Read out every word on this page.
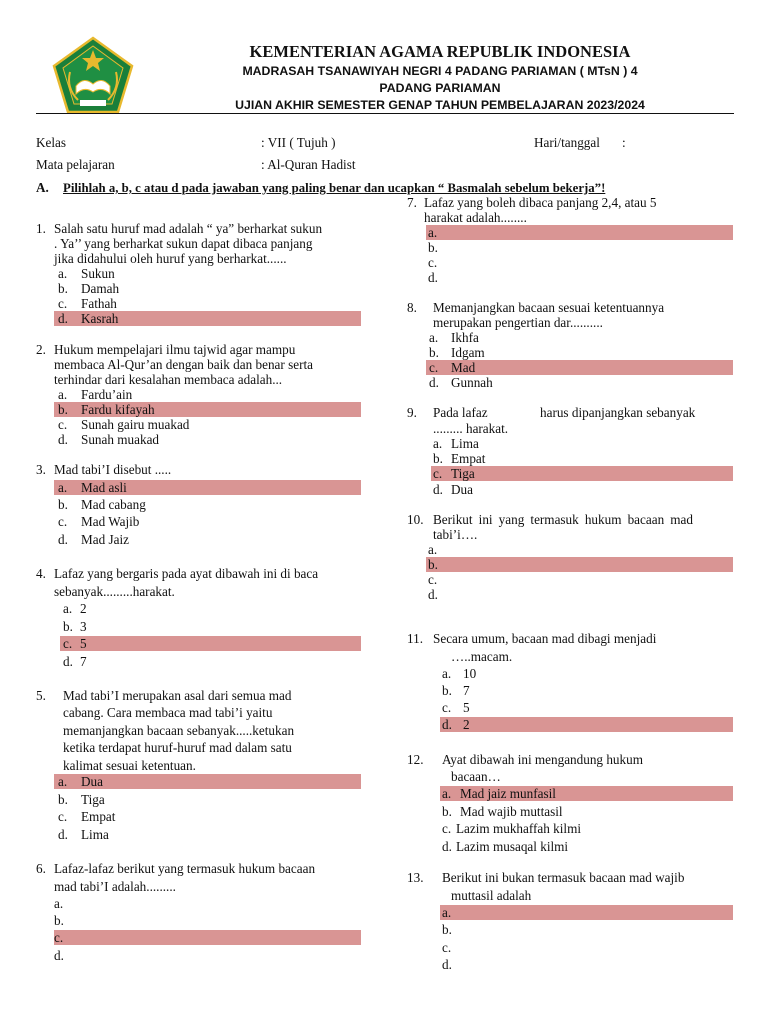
KEMENTERIAN AGAMA REPUBLIK INDONESIA
MADRASAH TSANAWIYAH NEGRI 4 PADANG PARIAMAN ( MTsN ) 4
PADANG PARIAMAN
UJIAN AKHIR SEMESTER GENAP TAHUN PEMBELAJARAN 2023/2024
Kelas	: VII ( Tujuh )	Hari/tanggal :
Mata pelajaran	: Al-Quran Hadist
A. Pilihlah a, b, c atau d pada jawaban yang paling benar dan ucapkan “ Basmalah sebelum bekerja”!
1. Salah satu huruf mad adalah “ ya” berharkat sukun
. Ya’’ yang berharkat sukun dapat dibaca panjang
jika didahului oleh huruf yang berharkat......
a. Sukun
b. Damah
c. Fathah
d. Kasrah
2. Hukum mempelajari ilmu tajwid agar mampu
membaca Al-Qur’an dengan baik dan benar serta
terhindar dari kesalahan membaca adalah...
a. Fardu’ain
b. Fardu kifayah
c. Sunah gairu muakad
d. Sunah muakad
3. Mad tabi’I disebut .....
a. Mad asli
b. Mad cabang
c. Mad Wajib
d. Mad Jaiz
4. Lafaz yang bergaris pada ayat dibawah ini di baca
sebanyak.........harakat.
a. 2
b. 3
c. 5
d. 7
5. Mad tabi’I merupakan asal dari semua mad
cabang. Cara membaca mad tabi’i yaitu
memanjangkan bacaan sebanyak.....ketukan
ketika terdapat huruf-huruf mad dalam satu
kalimat sesuai ketentuan.
a. Dua
b. Tiga
c. Empat
d. Lima
6. Lafaz-lafaz berikut yang termasuk hukum bacaan
mad tabi’I adalah.........
a.
b.
c.
d.
7. Lafaz yang boleh dibaca panjang 2,4, atau 5
harakat adalah........
a.
b.
c.
d.
8. Memanjangkan bacaan sesuai ketentuannya
merupakan pengertian dar..........
a. Ikhfa
b. Idgam
c. Mad
d. Gunnah
9. Pada lafaz	harus dipanjangkan sebanyak
......... harakat.
a. Lima
b. Empat
c. Tiga
d. Dua
10. Berikut ini yang termasuk hukum bacaan mad
tabi’i….
a.
b.
c.
d.
11. Secara umum, bacaan mad dibagi menjadi
…..macam.
a. 10
b. 7
c. 5
d. 2
12. Ayat dibawah ini mengandung hukum
bacaan…
a. Mad jaiz munfasil
b. Mad wajib muttasil
c. Lazim mukhaffah kilmi
d. Lazim musaqal kilmi
13. Berikut ini bukan termasuk bacaan mad wajib
muttasil adalah
a.
b.
c.
d.
